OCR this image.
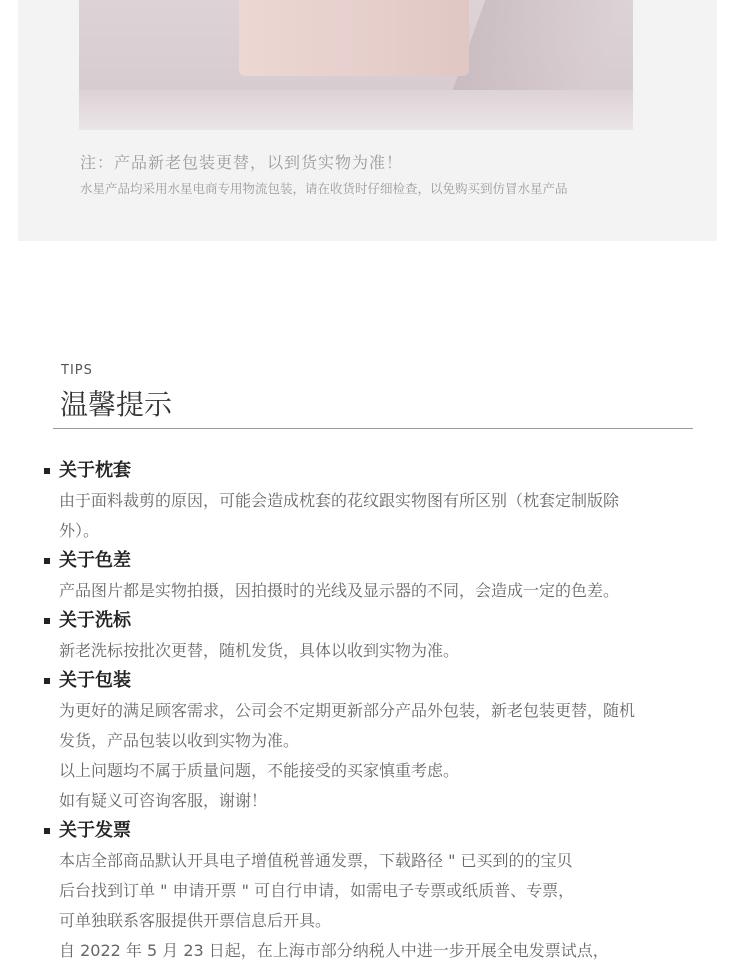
注：产品新老包装更替，以到货实物为准！
水星产品均采用水星电商专用物流包装，请在收货时仔细检查，以免购买到仿冒水星产品
TIPS
温馨提示
关于枕套
由于面料裁剪的原因，可能会造成枕套的花纹跟实物图有所区别（枕套定制版除
外）。
关于色差
产品图片都是实物拍摄，因拍摄时的光线及显示器的不同，会造成一定的色差。
关于洗标
新老洗标按批次更替，随机发货，具体以收到实物为准。
关于包装
为更好的满足顾客需求，公司会不定期更新部分产品外包装，新老包装更替，随机
发货，产品包装以收到实物为准。
以上问题均不属于质量问题，不能接受的买家慎重考虑。
如有疑义可咨询客服，谢谢！
关于发票
本店全部商品默认开具电子增值税普通发票，下载路径 " 已买到的的宝贝
后台找到订单 " 申请开票 " 可自行申请，如需电子专票或纸质普、专票，
可单独联系客服提供开票信息后开具。
自 2022 年 5 月 23 日起，在上海市部分纳税人中进一步开展全电发票试点，
